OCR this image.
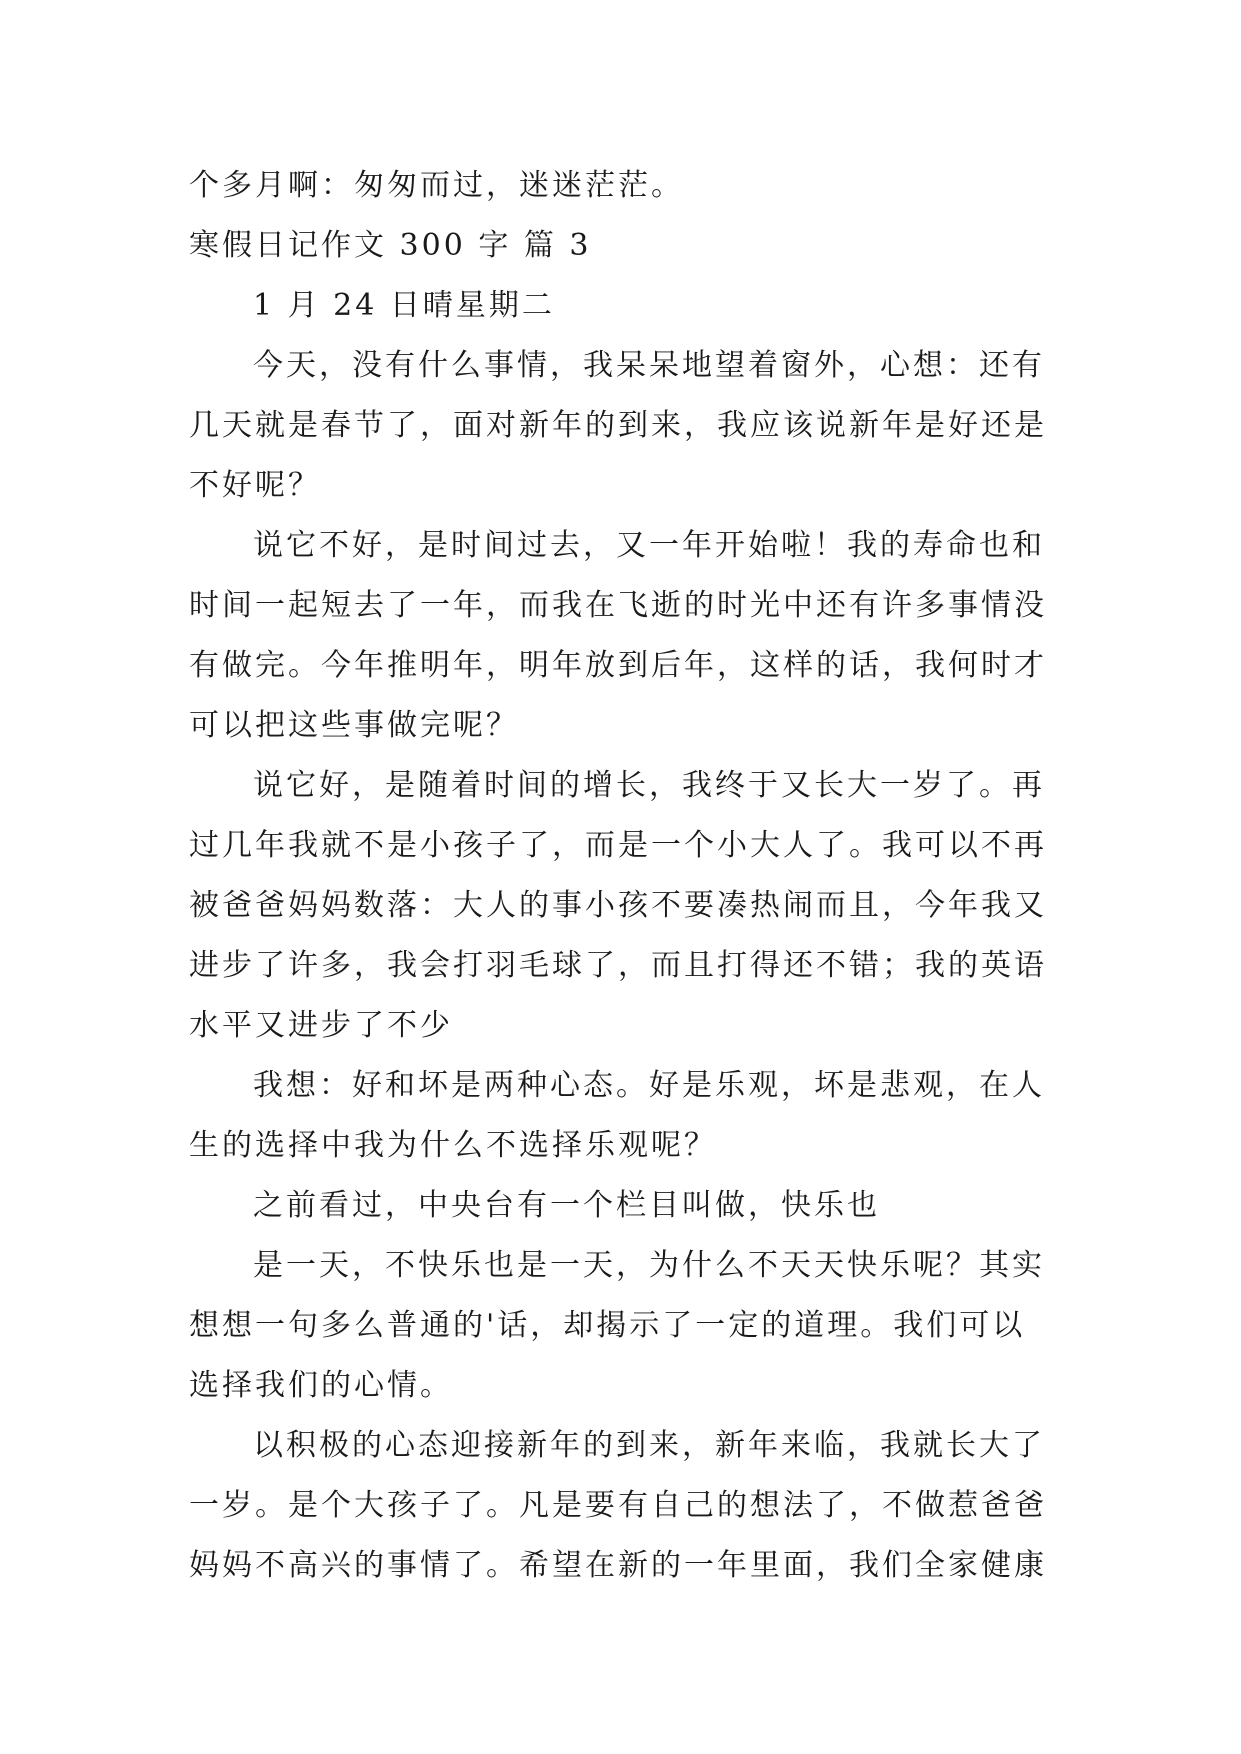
个多月啊：匆匆而过，迷迷茫茫。
寒假日记作文 300 字 篇 3
1 月 24 日晴星期二
今天，没有什么事情，我呆呆地望着窗外，心想：还有
几天就是春节了，面对新年的到来，我应该说新年是好还是
不好呢？
说它不好，是时间过去，又一年开始啦！我的寿命也和
时间一起短去了一年，而我在飞逝的时光中还有许多事情没
有做完。今年推明年，明年放到后年，这样的话，我何时才
可以把这些事做完呢？
说它好，是随着时间的增长，我终于又长大一岁了。再
过几年我就不是小孩子了，而是一个小大人了。我可以不再
被爸爸妈妈数落：大人的事小孩不要凑热闹而且，今年我又
进步了许多，我会打羽毛球了，而且打得还不错；我的英语
水平又进步了不少
我想：好和坏是两种心态。好是乐观，坏是悲观，在人
生的选择中我为什么不选择乐观呢？
之前看过，中央台有一个栏目叫做，快乐也
是一天，不快乐也是一天，为什么不天天快乐呢？其实
想想一句多么普通的'话，却揭示了一定的道理。我们可以
选择我们的心情。
以积极的心态迎接新年的到来，新年来临，我就长大了
一岁。是个大孩子了。凡是要有自己的想法了，不做惹爸爸
妈妈不高兴的事情了。希望在新的一年里面，我们全家健康
